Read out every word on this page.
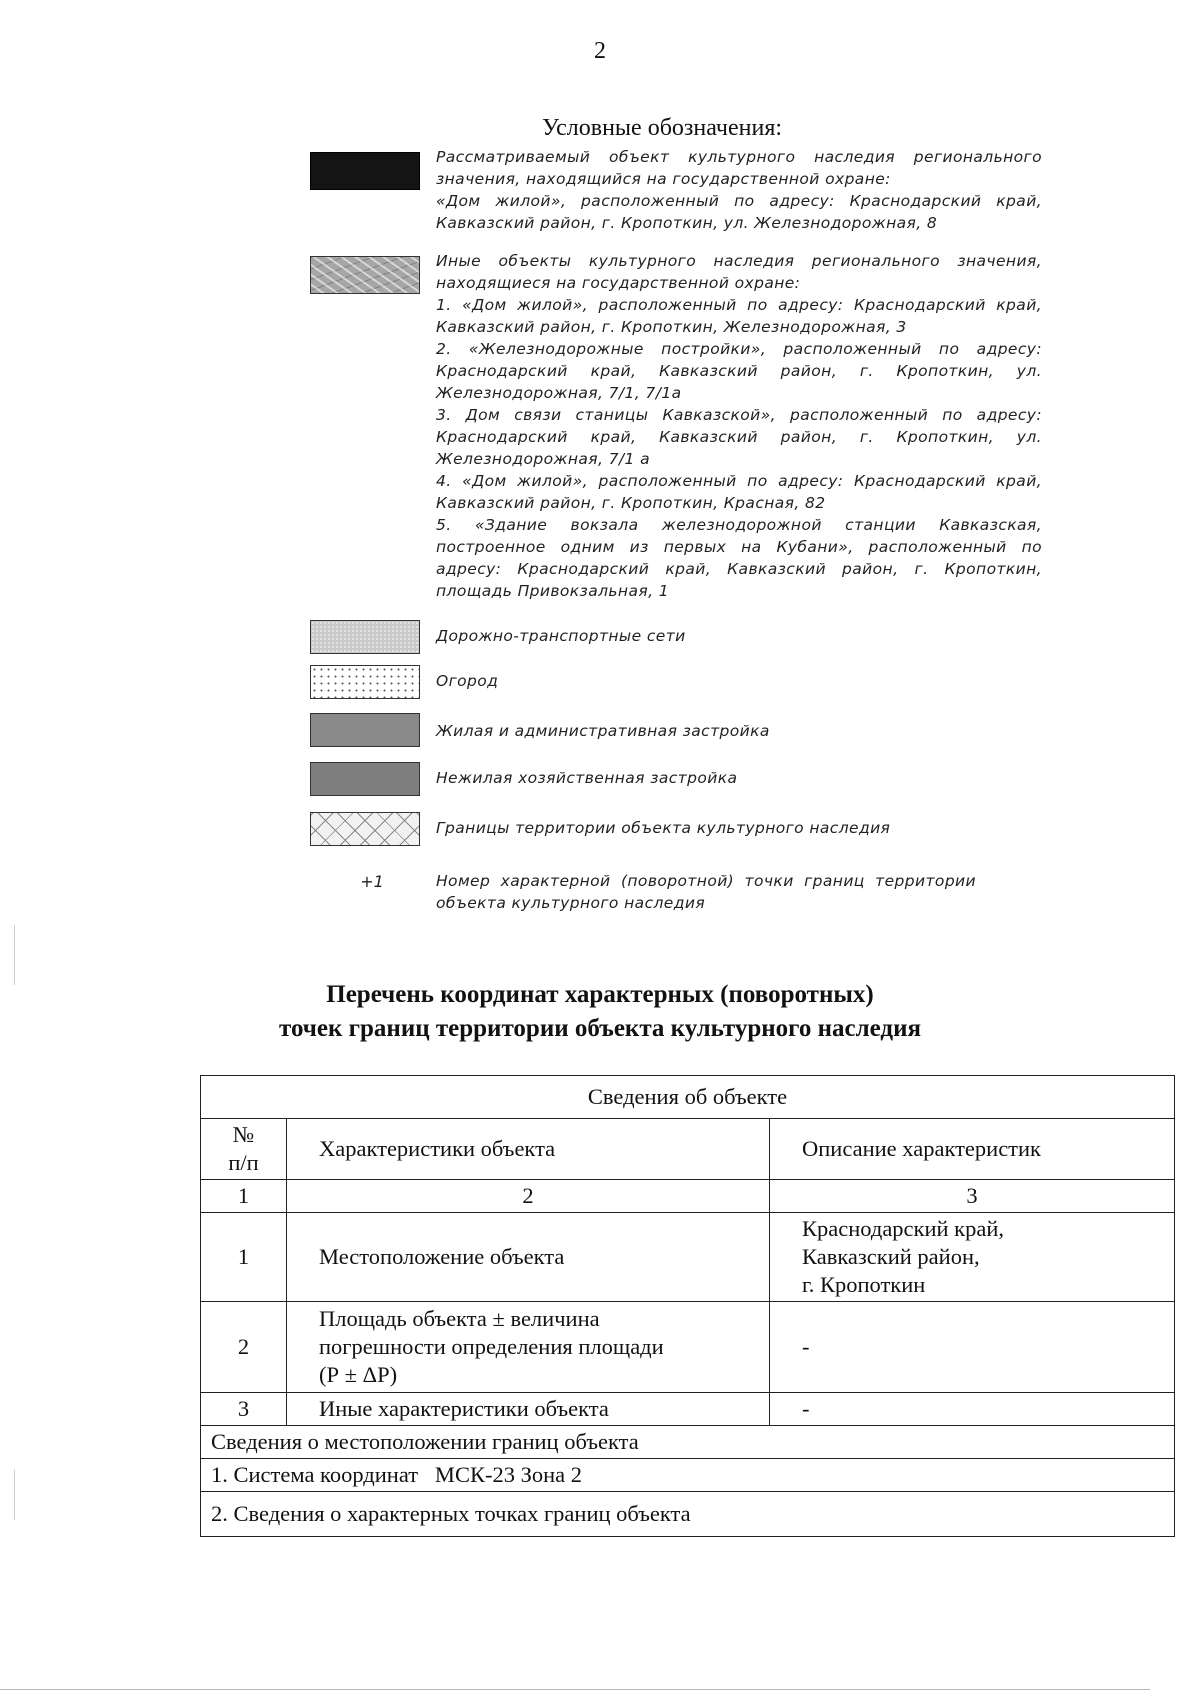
2
Условные обозначения:

Рассматриваемый объект культурного наследия регионального значения, находящийся на государственной охране:

«Дом жилой», расположенный по адресу: Краснодарский край, Кавказский район, г. Кропоткин, ул. Железнодорожная, 8

Иные объекты культурного наследия регионального значения, находящиеся на государственной охране:

1. «Дом жилой», расположенный по адресу: Краснодарский край, Кавказский район, г. Кропоткин, Железнодорожная, 3

2. «Железнодорожные постройки», расположенный по адресу: Краснодарский край, Кавказский район, г. Кропоткин, ул. Железнодорожная, 7/1, 7/1а

3. Дом связи станицы Кавказской», расположенный по адресу: Краснодарский край, Кавказский район, г. Кропоткин, ул. Железнодорожная, 7/1 а

4. «Дом жилой», расположенный по адресу: Краснодарский край, Кавказский район, г. Кропоткин, Красная, 82

5. «Здание вокзала железнодорожной станции Кавказская, построенное одним из первых на Кубани», расположенный по адресу: Краснодарский край, Кавказский район, г. Кропоткин, площадь Привокзальная, 1

Дорожно-транспортные сети

Огород

Жилая и административная застройка

Нежилая хозяйственная застройка

Границы территории объекта культурного наследия

+1	Номер характерной (поворотной) точки границ территории объекта культурного наследия

Перечень координат характерных (поворотных)
точек границ территории объекта культурного наследия
Сведения об объекте		
№
п/п	Характеристики объекта	Описание характеристик
1	2	3
1	Местоположение объекта	Краснодарский край,
Кавказский район,
г. Кропоткин
2	Площадь объекта ± величина
погрешности определения площади
(Р ± ΔР)	-
3	Иные характеристики объекта	-
Сведения о местоположении границ объекта		
1. Система координат   МСК-23 Зона 2		
2. Сведения о характерных точках границ объекта		
